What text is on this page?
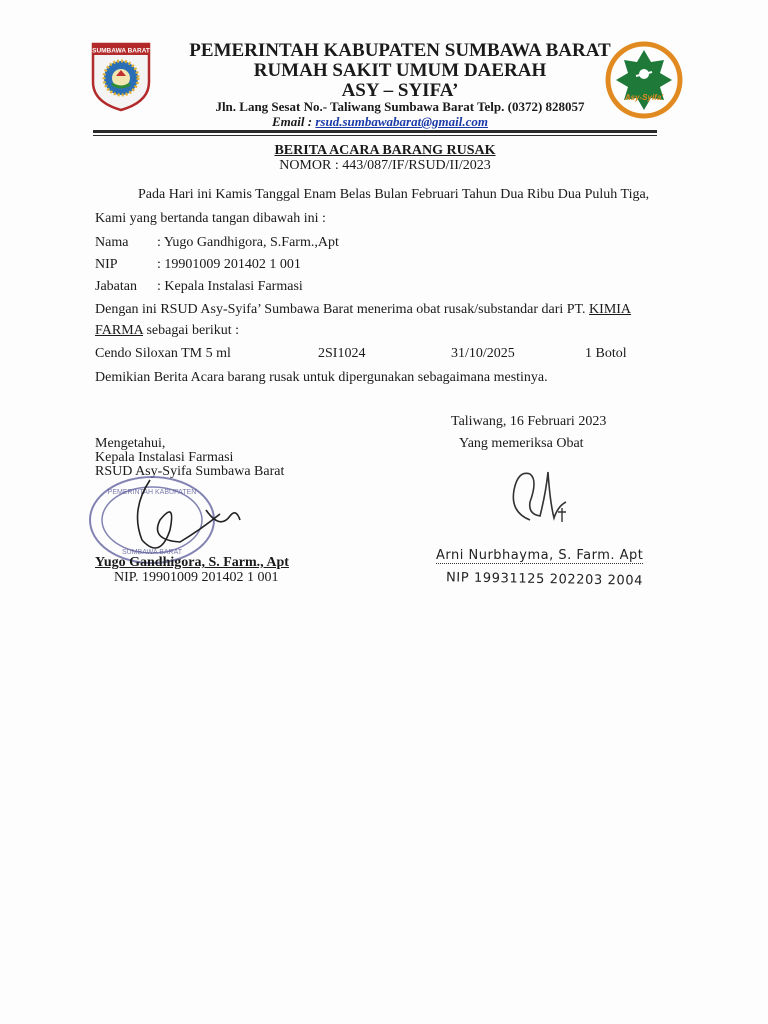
SUMBAWA BARAT	PEMERINTAH KABUPATEN SUMBAWA BARAT
RUMAH SAKIT UMUM DAERAH
ASY – SYIFA’
Jln. Lang Sesat No.- Taliwang Sumbawa Barat Telp. (0372) 828057
Email : rsud.sumbawabarat@gmail.com
Asy-Syifa'
BERITA ACARA BARANG RUSAK
NOMOR : 443/087/IF/RSUD/II/2023
Pada Hari ini Kamis Tanggal Enam Belas Bulan Februari Tahun Dua Ribu Dua Puluh Tiga,
Kami yang bertanda tangan dibawah ini :
Nama : Yugo Gandhigora, S.Farm.,Apt
NIP	: 19901009 201402 1 001
Jabatan : Kepala Instalasi Farmasi
Dengan ini RSUD Asy-Syifa’ Sumbawa Barat menerima obat rusak/substandar dari PT. KIMIA
FARMA sebagai berikut :
Cendo Siloxan TM 5 ml	2SI1024	31/10/2025	1 Botol
Demikian Berita Acara barang rusak untuk dipergunakan sebagaimana mestinya.
Taliwang, 16 Februari 2023
Yang memeriksa Obat
Arni Nurbhayma, S. Farm. Apt
NIP 19931125 202203 2004
Mengetahui,
Kepala Instalasi Farmasi
RSUD Asy-Syifa Sumbawa Barat
PEMERINTAH KABUPATEN
SUMBAWA BARAT
Yugo Gandhigora, S. Farm., Apt
NIP. 19901009 201402 1 001
